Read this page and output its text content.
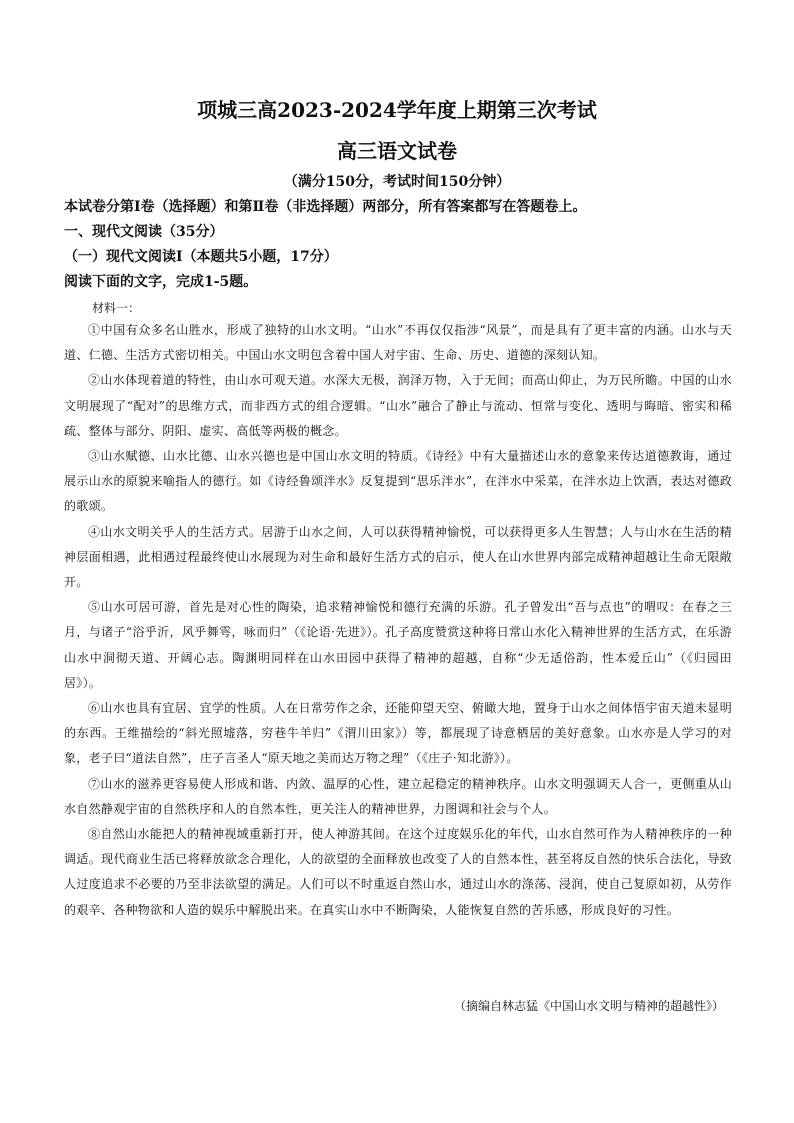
项城三高2023-2024学年度上期第三次考试
高三语文试卷
（满分150分，考试时间150分钟）
本试卷分第Ⅰ卷（选择题）和第Ⅱ卷（非选择题）两部分，所有答案都写在答题卷上。
一、现代文阅读（35分）
（一）现代文阅读Ⅰ（本题共5小题，17分）
阅读下面的文字，完成1-5题。
材料一：

①中国有众多名山胜水，形成了独特的山水文明。“山水”不再仅仅指涉“风景”，而是具有了更丰富的内涵。山水与天道、仁德、生活方式密切相关。中国山水文明包含着中国人对宇宙、生命、历史、道德的深刻认知。

②山水体现着道的特性，由山水可观天道。水深大无极，润泽万物，入于无间；而高山仰止，为万民所瞻。中国的山水文明展现了“配对”的思维方式，而非西方式的组合逻辑。“山水”融合了静止与流动、恒常与变化、透明与晦暗、密实和稀疏、整体与部分、阴阳、虚实、高低等两极的概念。

③山水赋德、山水比德、山水兴德也是中国山水文明的特质。《诗经》中有大量描述山水的意象来传达道德教诲，通过展示山水的原貌来喻指人的德行。如《诗经鲁颂泮水》反复提到“思乐泮水”，在泮水中采菜，在泮水边上饮酒，表达对德政的歌颂。

④山水文明关乎人的生活方式。居游于山水之间，人可以获得精神愉悦，可以获得更多人生智慧；人与山水在生活的精神层面相遇，此相遇过程最终使山水展现为对生命和最好生活方式的启示，使人在山水世界内部完成精神超越让生命无限敞开。

⑤山水可居可游，首先是对心性的陶染，追求精神愉悦和德行充满的乐游。孔子曾发出“吾与点也”的喟叹：在春之三月，与诸子“浴乎沂，风乎舞雩，咏而归”（《论语·先进》）。孔子高度赞赏这种将日常山水化入精神世界的生活方式，在乐游山水中洞彻天道、开阔心志。陶渊明同样在山水田园中获得了精神的超越，自称“少无适俗韵，性本爱丘山”（《归园田居》）。

⑥山水也具有宜居、宜学的性质。人在日常劳作之余，还能仰望天空、俯瞰大地，置身于山水之间体悟宇宙天道未显明的东西。王维描绘的“斜光照墟落，穷巷牛羊归”《渭川田家》）等，都展现了诗意栖居的美好意象。山水亦是人学习的对象，老子曰“道法自然”，庄子言圣人“原天地之美而达万物之理”（《庄子·知北游》）。

⑦山水的滋养更容易使人形成和谐、内敛、温厚的心性，建立起稳定的精神秩序。山水文明强调天人合一，更侧重从山水自然静观宇宙的自然秩序和人的自然本性，更关注人的精神世界，力图调和社会与个人。

⑧自然山水能把人的精神视域重新打开，使人神游其间。在这个过度娱乐化的年代，山水自然可作为人精神秩序的一种调适。现代商业生活已将释放欲念合理化，人的欲望的全面释放也改变了人的自然本性，甚至将反自然的快乐合法化，导致人过度追求不必要的乃至非法欲望的满足。人们可以不时重返自然山水，通过山水的涤荡、浸润，使自己复原如初，从劳作的艰辛、各种物欲和人造的娱乐中解脱出来。在真实山水中不断陶染，人能恢复自然的苦乐感，形成良好的习性。

（摘编自林志猛《中国山水文明与精神的超越性》）
